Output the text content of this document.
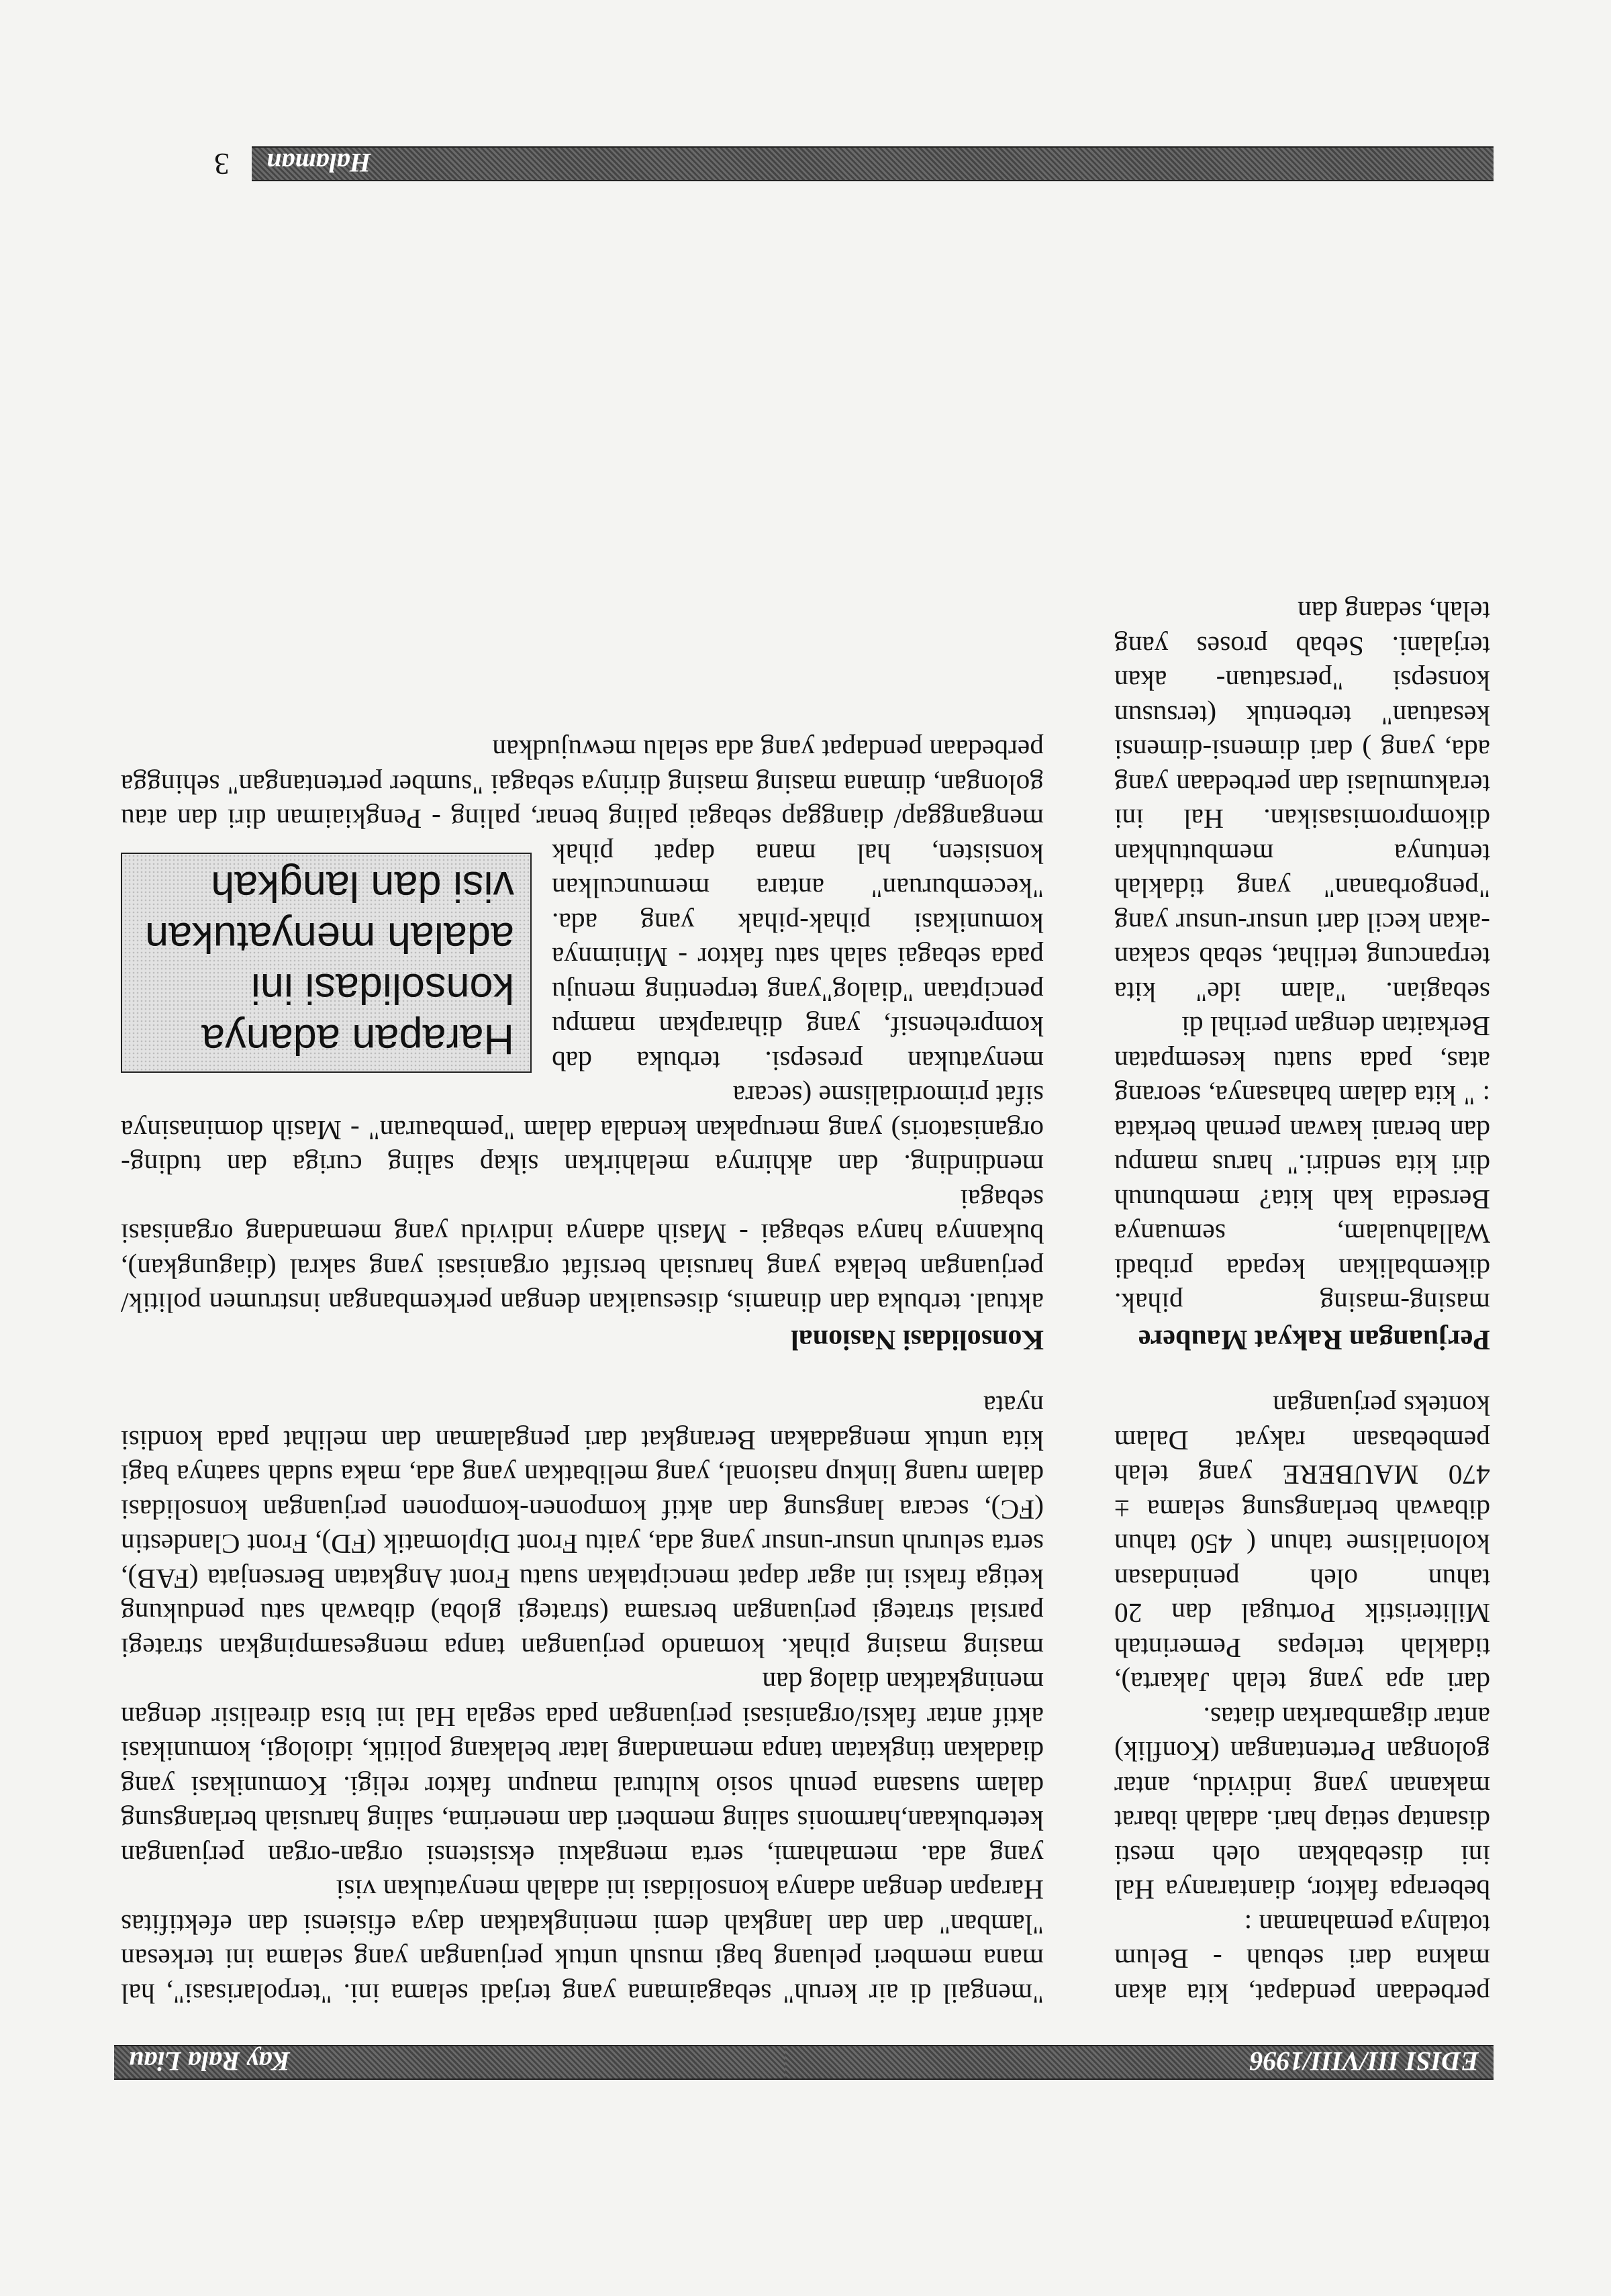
EDISI III/VIII/1996
Kay Rala Liau

perbedaan pendapat, kita akan makna dari sebuah - Belum totalnya pemahaman :

beberapa faktor, diantaranya Hal ini disebabkan oleh mesti disantap setiap hari. adalah ibarat makanan yang individu, antar golongan Pertentangan (Konflik) antar digambarkan diatas.

dari apa yang telah Jakarta), tidaklah terlepas Pemerintah Militeristik Portugal dan 20 tahun oleh penindasan kolonialisme tahun ( 450 tahun dibawah berlangsung selama ± 470 MAUBERE yang telah pembebasan rakyat Dalam konteks perjuangan

Perjuangan Rakyat Maubere

masing-masing pihak. dikembalikan kepada pribadi Wallahualam, semuanya Bersedia kah kita? membunuh diri kita sendiri." harus mampu dan berani kawan pernah berkata : " kita dalam bahasanya, seorang atas, pada suatu kesempatan Berkaitan dengan perihal di

sebagian. "alam ide" kita terpancung terlihat, sebab scakan -akan kecil dari unsur-unsur yang "pengorbanan" yang tidaklah tentunya membutuhkan dikompromisasikan. Hal ini terakumulasi dan perbedaan yang ada, yang ) dari dimensi-dimensi kesatuan" terbentuk (tersusun konsepsi "persatuan- akan terjalani. Sebab proses yang telah, sedang dan

"mengail di air keruh" sebagaimana yang terjadi selama ini. "terpolarisasi", hal mana memberi peluang bagi musuh untuk perjuangan yang selama ini terkesan "lamban" dan dan langkah demi meningkatkan daya efisiensi dan efektifitas Harapan dengan adanya konsolidasi ini adalah menyatukan visi

yang ada. memahami, serta mengakui eksistensi organ-organ perjuangan keterbukaan,harmonis saling memberi dan menerima, saling harusiah berlangsung dalam suasana penuh sosio kultural maupun faktor religi. Komunikasi yang diadakan tingkatan tanpa memandang latar belakang politik, idiologi, komunikasi aktif antar faksi/organisasi perjuangan pada segala Hal ini bisa direalisir dengan meningkatkan dialog dan

masing masing pihak. komando perjuangan tanpa mengesampingkan strategi parsial strategi perjuangan bersama (strategi globa) dibawah satu pendukung ketiga fraksi ini agar dapat menciptakan suatu Front Angkatan Bersenjata (FAB), serta seluruh unsur-unsur yang ada, yaitu Front Diplomatik (FD), Front Clandestin (FC), secara langsung dan aktif komponen-komponen perjuangan konsolidasi dalam ruang linkup nasional, yang melibatkan yang ada, maka sudah saatnya bagi kita untuk mengadakan Berangkat dari pengalaman dan melihat pada kondisi nyata

Konsolidasi Nasional

aktual. terbuka dan dinamis, disesuaikan dengan perkembangan instrumen politik/ perjuangan belaka yang harusiah bersifat organisasi yang sakral (diagungkan), bukannya hanya sebagai - Masih adanya individu yang memandang organisasi sebagai

mendinding. dan akhirnya melahirkan sikap saling curiga dan tuding- organisatoris) yang merupakan kendala dalam "pembauran" - Masih dominasinya sifat primordialisme (secara

Harapan adanya konsolidasi ini adalah menyatukan visi dan langkah

menyatukan presepsi. terbuka dab komprehensif, yang diharapkan mampu penciptaan "dialog"yang terpenting menuju pada sebagai salah satu faktor - Minimnya komunikasi pihak-pihak yang ada. "kecemburuan" antara memunculkan konsisten, hal mana dapat pihak menganggap/ dianggap sebagai paling benar, paling - Pengkiaiman diri dan atau golongan, dimana masing masing dirinya sebagai "sumber pertentangan" sehingga perbedaan pendapat yang ada selalu mewujudkan

Halaman
3
